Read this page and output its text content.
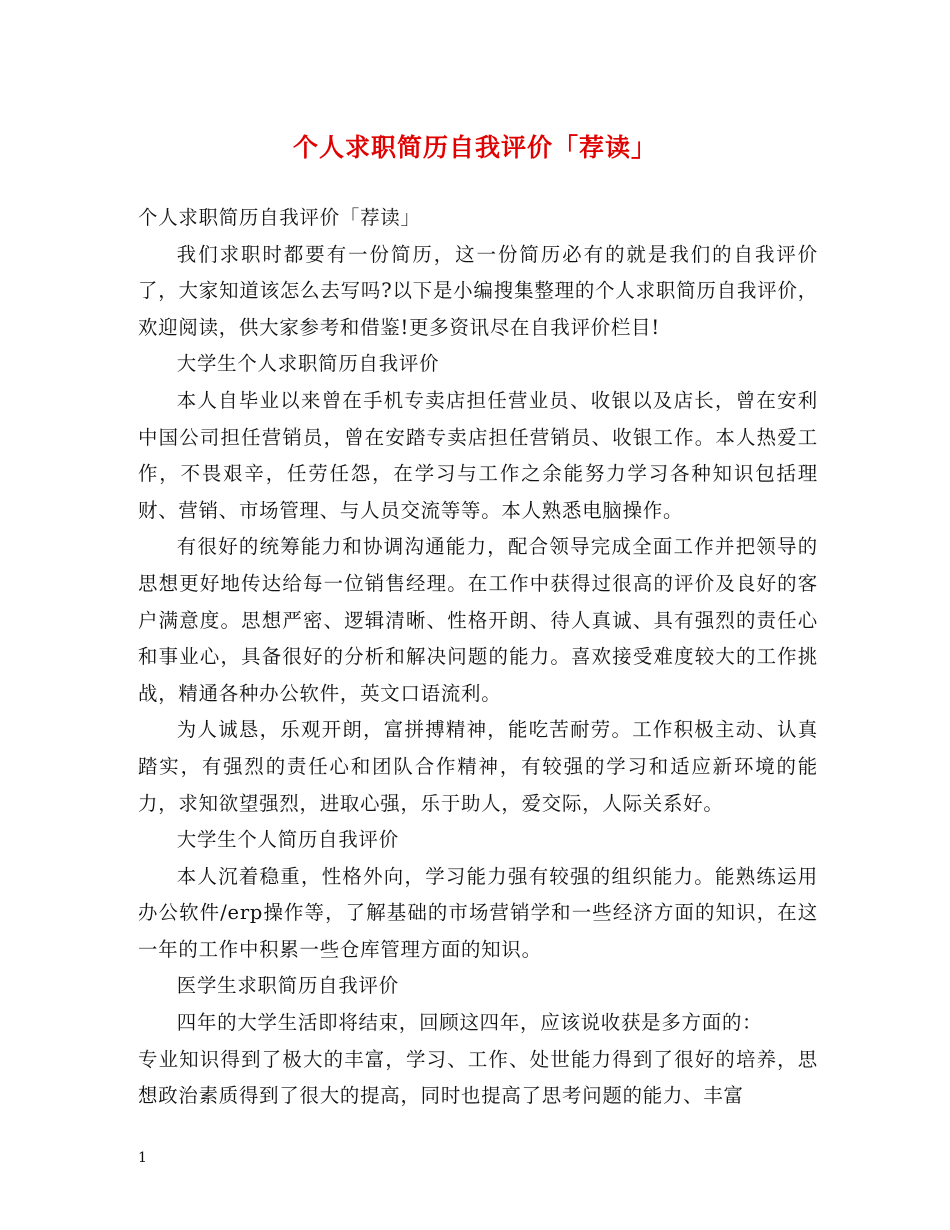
个人求职简历自我评价「荐读」

个人求职简历自我评价「荐读」

我们求职时都要有一份简历，这一份简历必有的就是我们的自我评价了，大家知道该怎么去写吗?以下是小编搜集整理的个人求职简历自我评价，欢迎阅读，供大家参考和借鉴!更多资讯尽在自我评价栏目!

大学生个人求职简历自我评价

本人自毕业以来曾在手机专卖店担任营业员、收银以及店长，曾在安利中国公司担任营销员，曾在安踏专卖店担任营销员、收银工作。本人热爱工作，不畏艰辛，任劳任怨，在学习与工作之余能努力学习各种知识包括理财、营销、市场管理、与人员交流等等。本人熟悉电脑操作。

有很好的统筹能力和协调沟通能力，配合领导完成全面工作并把领导的思想更好地传达给每一位销售经理。在工作中获得过很高的评价及良好的客户满意度。思想严密、逻辑清晰、性格开朗、待人真诚、具有强烈的责任心和事业心，具备很好的分析和解决问题的能力。喜欢接受难度较大的工作挑战，精通各种办公软件，英文口语流利。

为人诚恳，乐观开朗，富拼搏精神，能吃苦耐劳。工作积极主动、认真踏实，有强烈的责任心和团队合作精神，有较强的学习和适应新环境的能力，求知欲望强烈，进取心强，乐于助人，爱交际，人际关系好。

大学生个人简历自我评价

本人沉着稳重，性格外向，学习能力强有较强的组织能力。能熟练运用办公软件/erp操作等，了解基础的市场营销学和一些经济方面的知识，在这一年的工作中积累一些仓库管理方面的知识。

医学生求职简历自我评价

四年的大学生活即将结束，回顾这四年，应该说收获是多方面的：

专业知识得到了极大的丰富，学习、工作、处世能力得到了很好的培养，思想政治素质得到了很大的提高，同时也提高了思考问题的能力、丰富

1
